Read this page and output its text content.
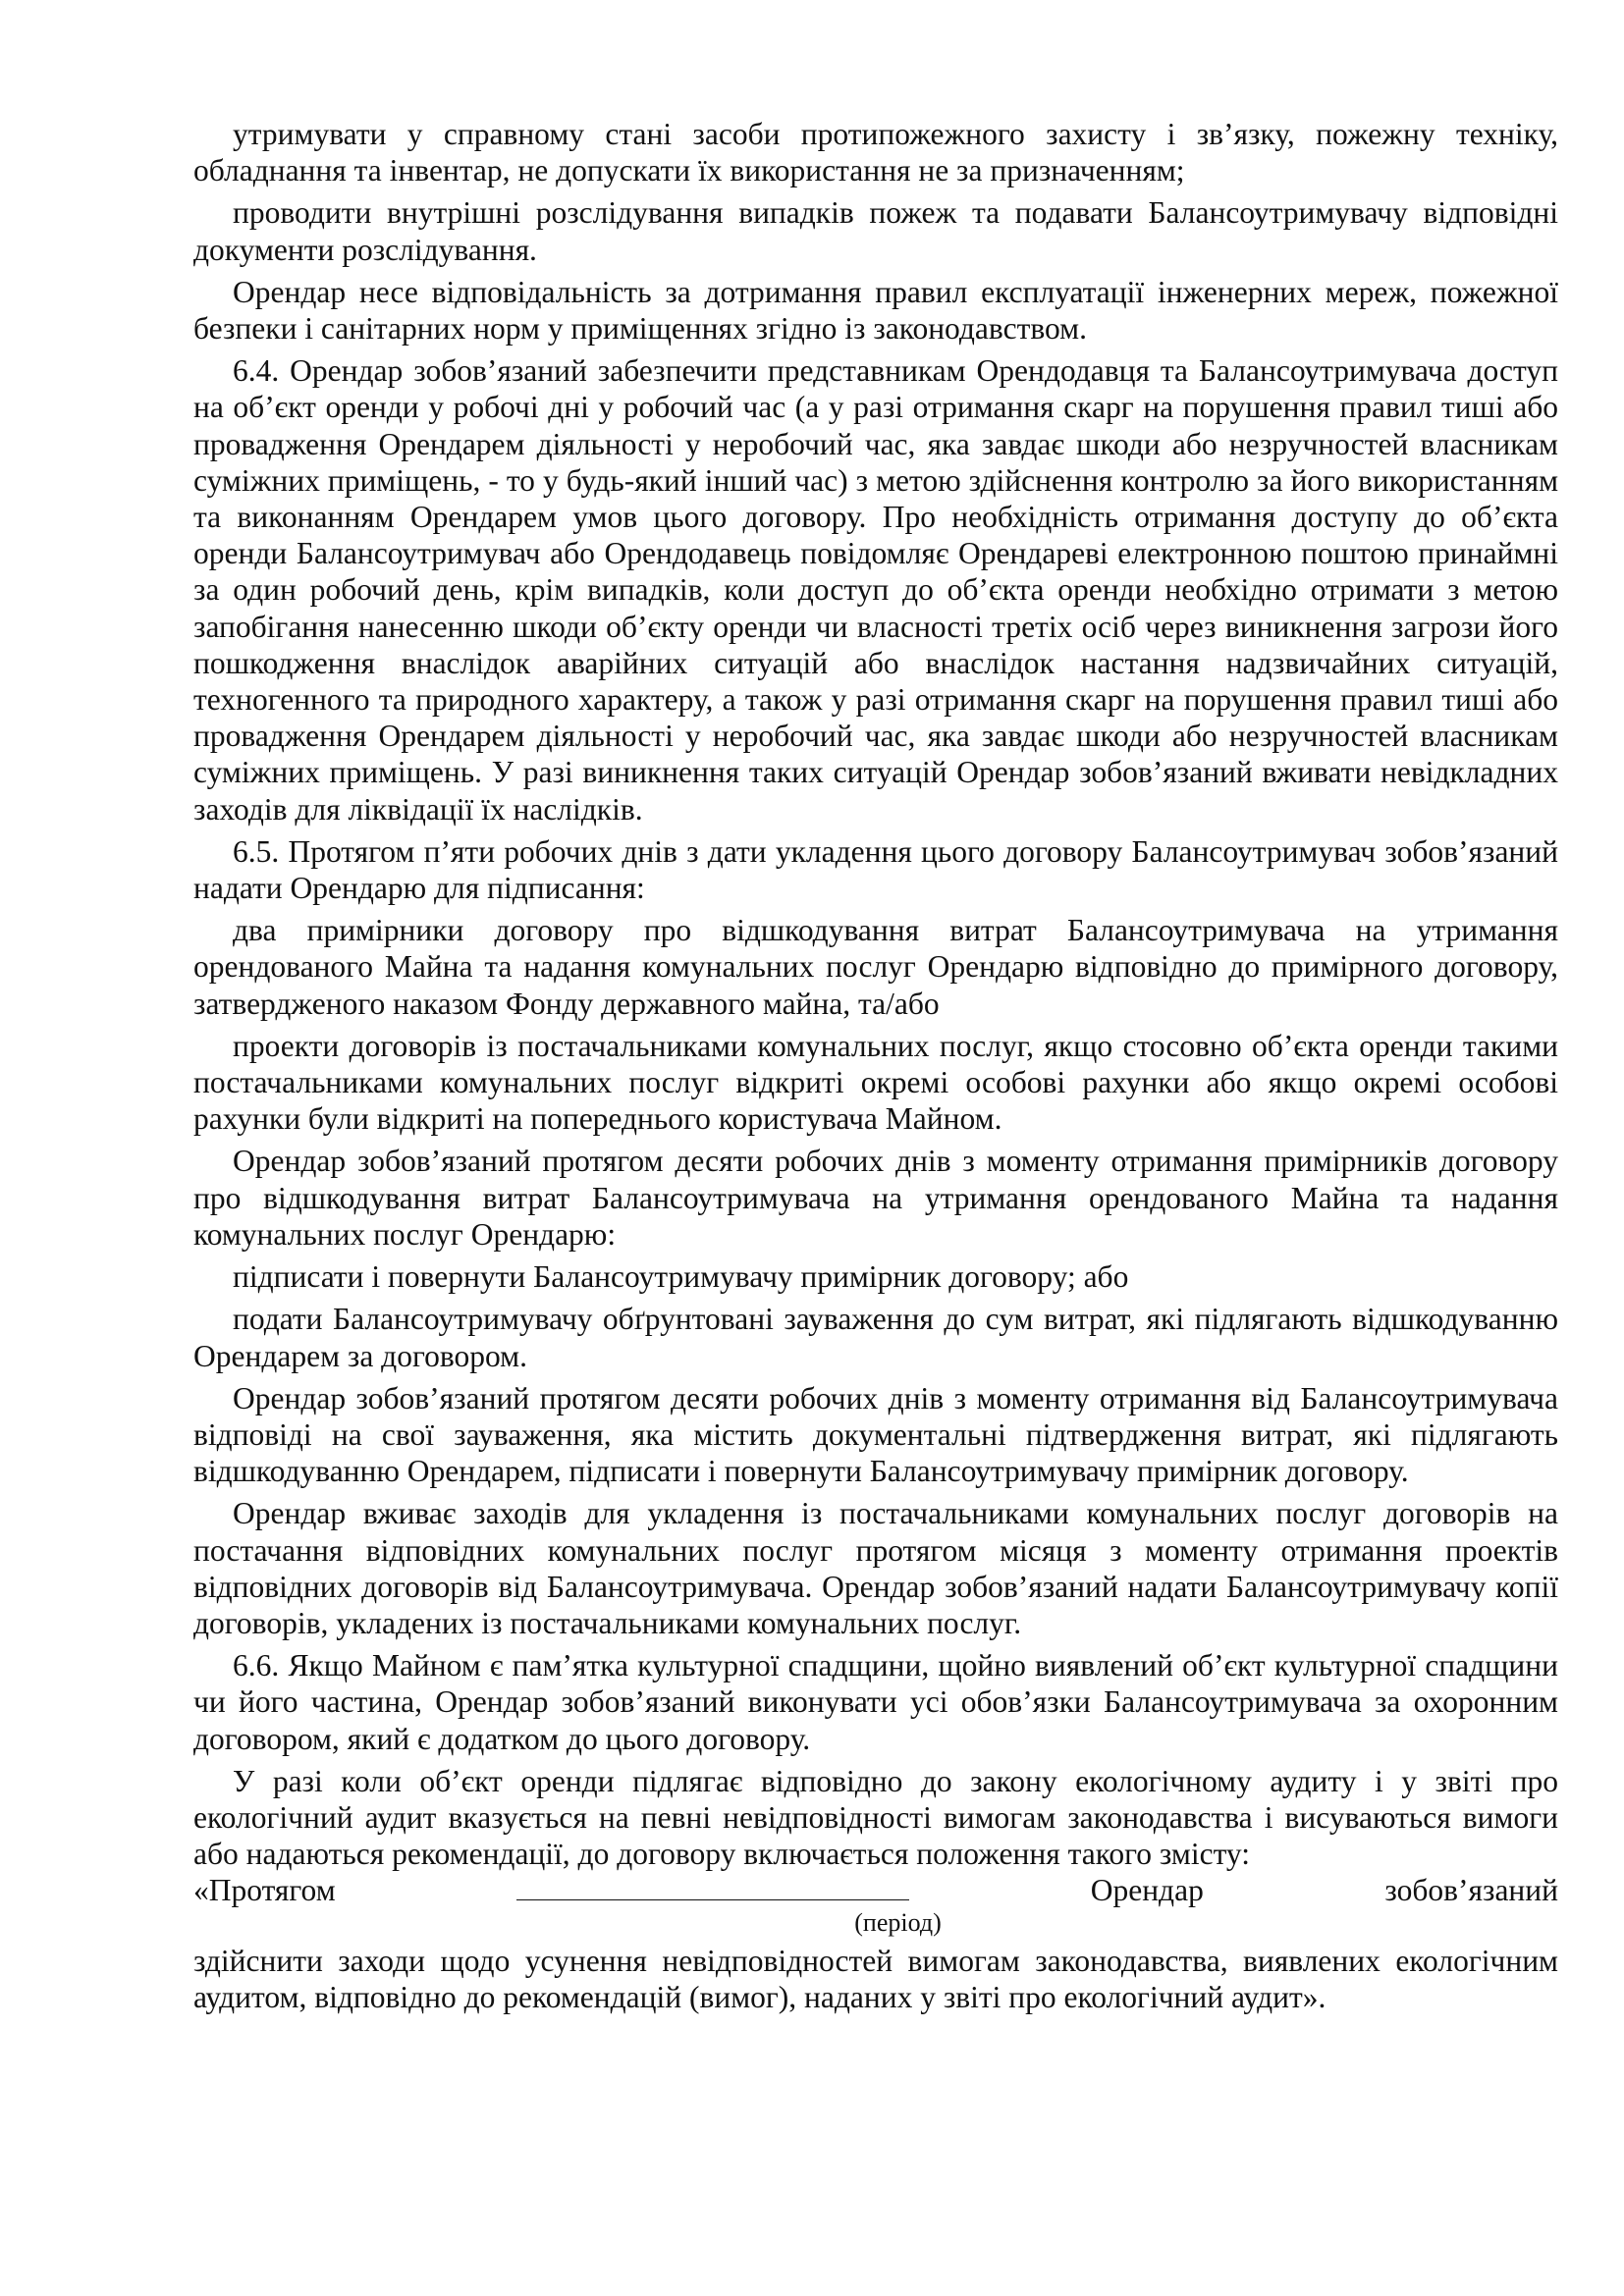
утримувати у справному стані засоби протипожежного захисту і зв’язку, пожежну техніку, обладнання та інвентар, не допускати їх використання не за призначенням;

проводити внутрішні розслідування випадків пожеж та подавати Балансоутримувачу відповідні документи розслідування.

Орендар несе відповідальність за дотримання правил експлуатації інженерних мереж, пожежної безпеки і санітарних норм у приміщеннях згідно із законодавством.

6.4. Орендар зобов’язаний забезпечити представникам Орендодавця та Балансоутримувача доступ на об’єкт оренди у робочі дні у робочий час (а у разі отримання скарг на порушення правил тиші або провадження Орендарем діяльності у неробочий час, яка завдає шкоди або незручностей власникам суміжних приміщень, - то у будь-який інший час) з метою здійснення контролю за його використанням та виконанням Орендарем умов цього договору. Про необхідність отримання доступу до об’єкта оренди Балансоутримувач або Орендодавець повідомляє Орендареві електронною поштою принаймні за один робочий день, крім випадків, коли доступ до об’єкта оренди необхідно отримати з метою запобігання нанесенню шкоди об’єкту оренди чи власності третіх осіб через виникнення загрози його пошкодження внаслідок аварійних ситуацій або внаслідок настання надзвичайних ситуацій, техногенного та природного характеру, а також у разі отримання скарг на порушення правил тиші або провадження Орендарем діяльності у неробочий час, яка завдає шкоди або незручностей власникам суміжних приміщень. У разі виникнення таких ситуацій Орендар зобов’язаний вживати невідкладних заходів для ліквідації їх наслідків.

6.5. Протягом п’яти робочих днів з дати укладення цього договору Балансоутримувач зобов’язаний надати Орендарю для підписання:

два примірники договору про відшкодування витрат Балансоутримувача на утримання орендованого Майна та надання комунальних послуг Орендарю відповідно до примірного договору, затвердженого наказом Фонду державного майна, та/або

проекти договорів із постачальниками комунальних послуг, якщо стосовно об’єкта оренди такими постачальниками комунальних послуг відкриті окремі особові рахунки або якщо окремі особові рахунки були відкриті на попереднього користувача Майном.

Орендар зобов’язаний протягом десяти робочих днів з моменту отримання примірників договору про відшкодування витрат Балансоутримувача на утримання орендованого Майна та надання комунальних послуг Орендарю:

підписати і повернути Балансоутримувачу примірник договору; або

подати Балансоутримувачу обґрунтовані зауваження до сум витрат, які підлягають відшкодуванню Орендарем за договором.

Орендар зобов’язаний протягом десяти робочих днів з моменту отримання від Балансоутримувача відповіді на свої зауваження, яка містить документальні підтвердження витрат, які підлягають відшкодуванню Орендарем, підписати і повернути Балансоутримувачу примірник договору.

Орендар вживає заходів для укладення із постачальниками комунальних послуг договорів на постачання відповідних комунальних послуг протягом місяця з моменту отримання проектів відповідних договорів від Балансоутримувача. Орендар зобов’язаний надати Балансоутримувачу копії договорів, укладених із постачальниками комунальних послуг.

6.6. Якщо Майном є пам’ятка культурної спадщини, щойно виявлений об’єкт культурної спадщини чи його частина, Орендар зобов’язаний виконувати усі обов’язки Балансоутримувача за охоронним договором, який є додатком до цього договору.

У разі коли об’єкт оренди підлягає відповідно до закону екологічному аудиту і у звіті про екологічний аудит вказується на певні невідповідності вимогам законодавства і висуваються вимоги або надаються рекомендації, до договору включається положення такого змісту:

«Протягом	Орендар	зобов’язаний
(період)

здійснити заходи щодо усунення невідповідностей вимогам законодавства, виявлених екологічним аудитом, відповідно до рекомендацій (вимог), наданих у звіті про екологічний аудит».
